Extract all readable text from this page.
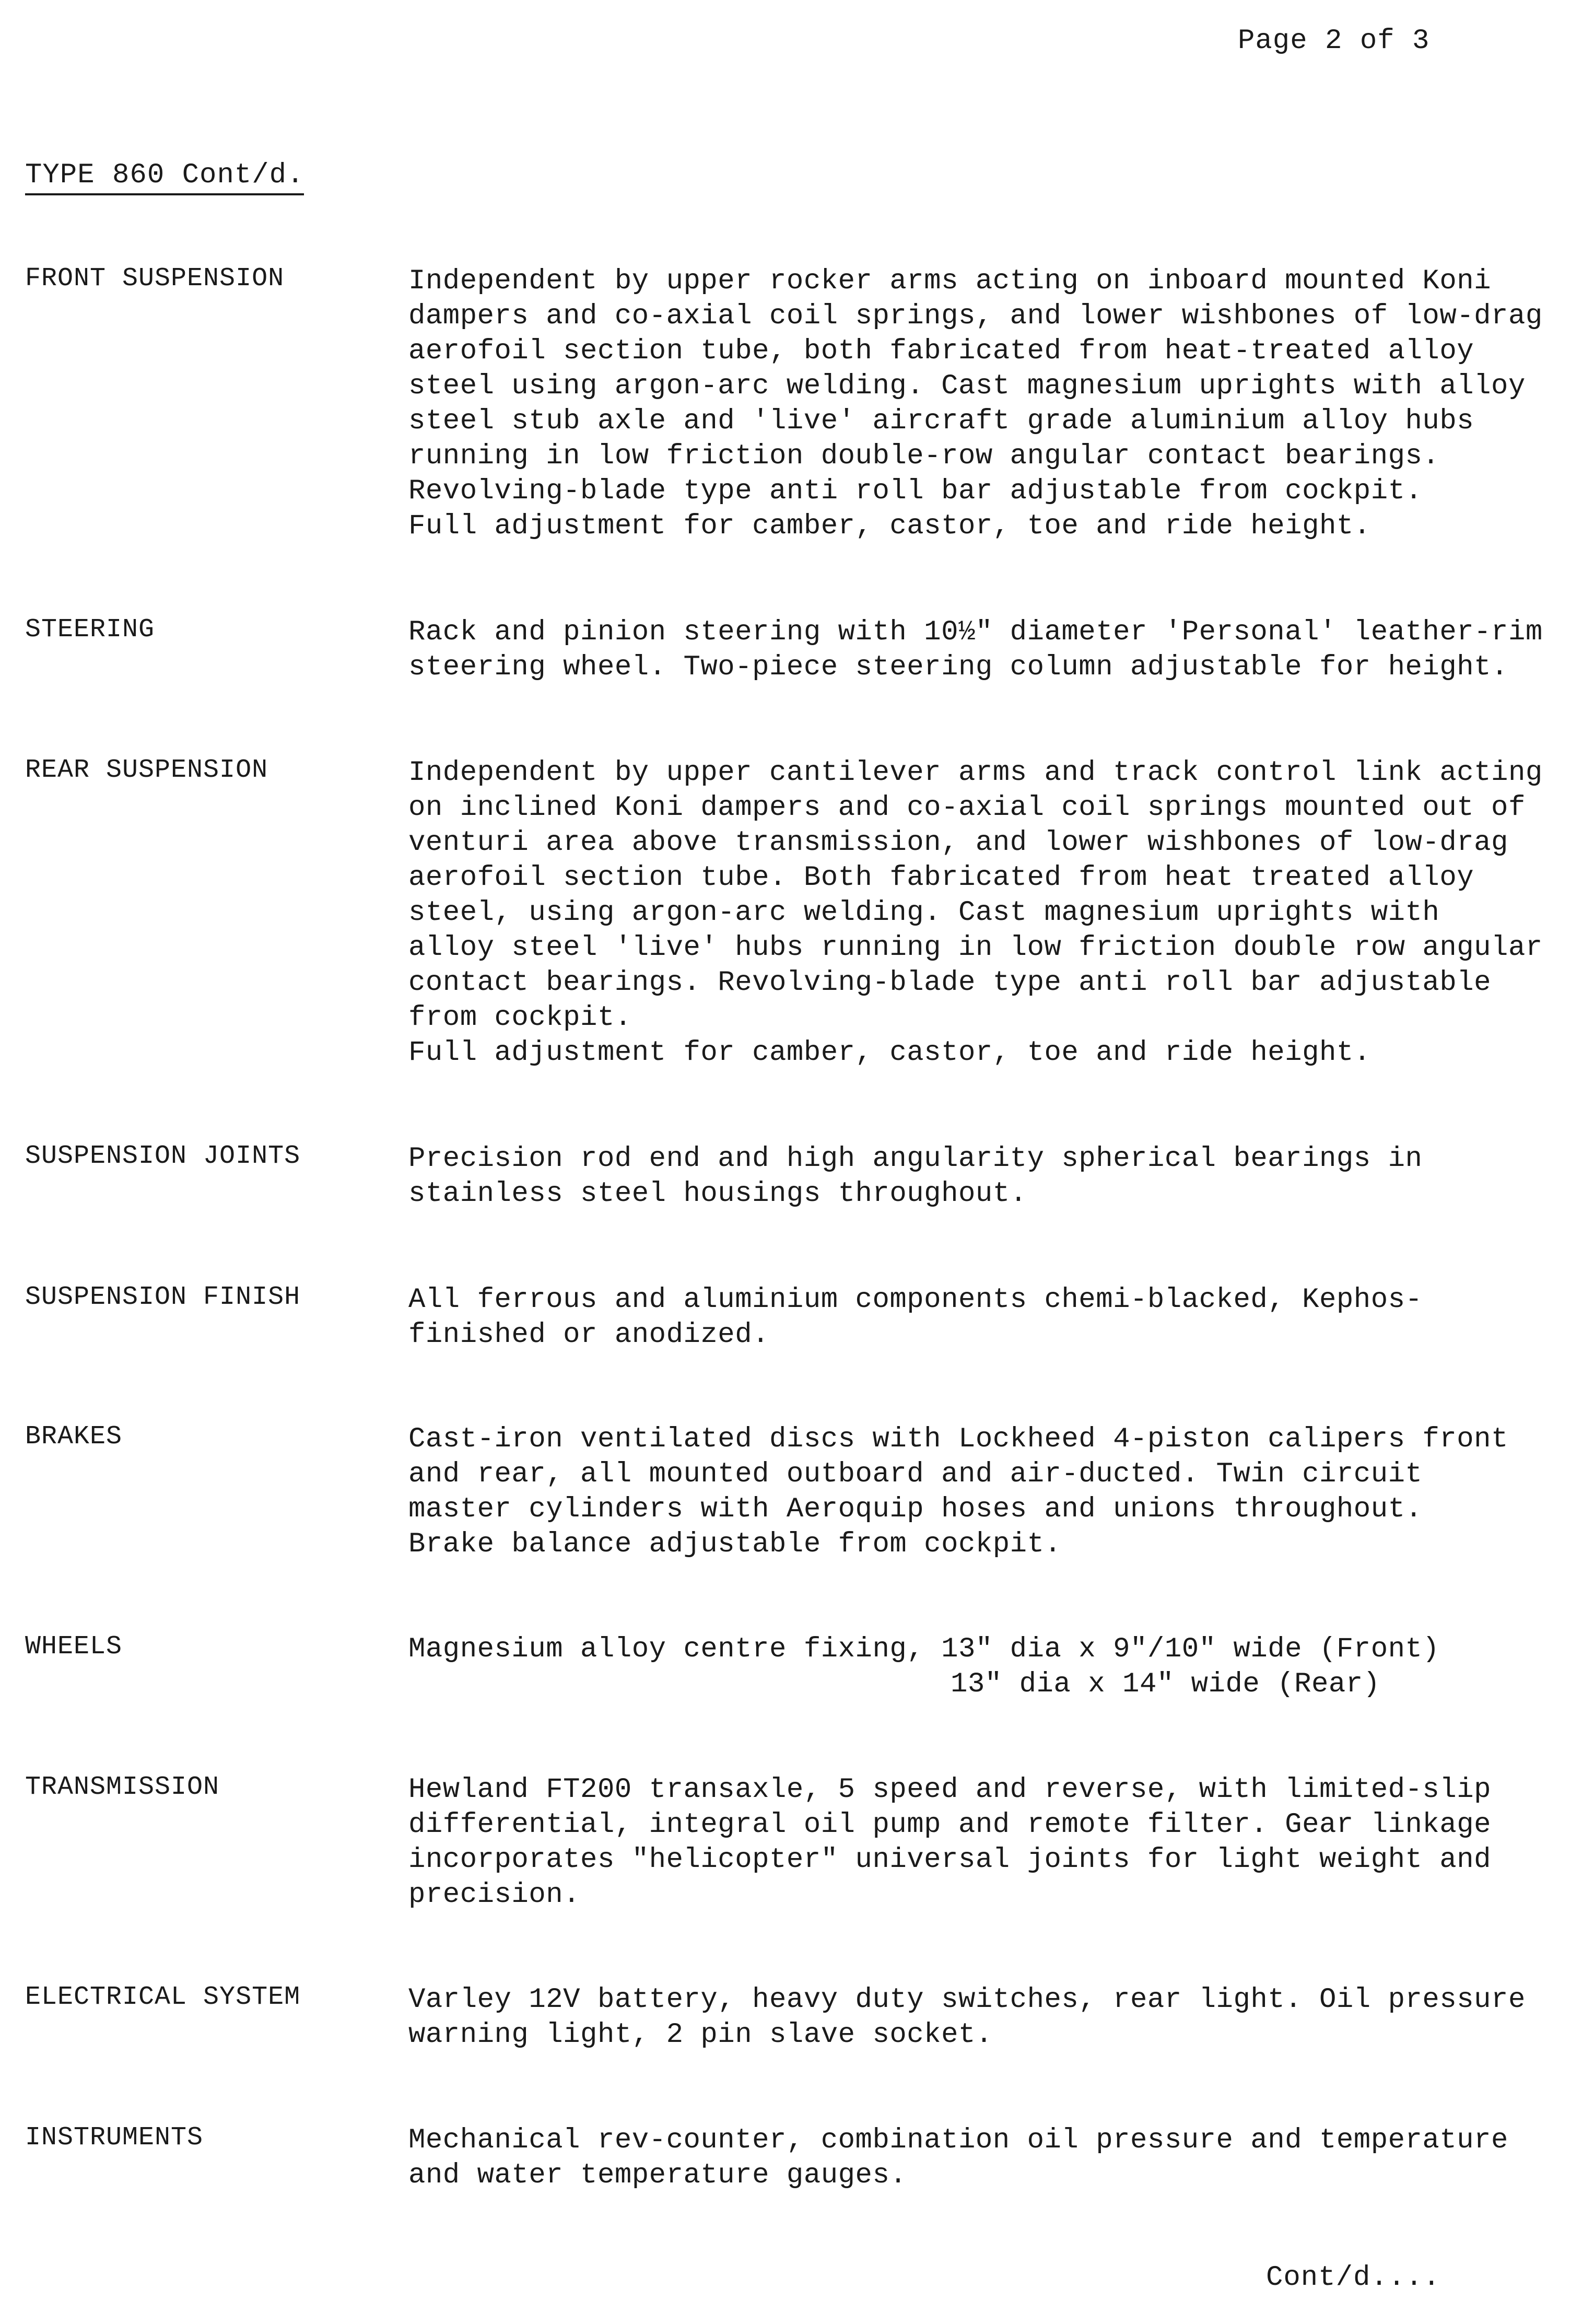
Page 2 of 3
TYPE 860 Cont/d.
FRONT SUSPENSION	Independent by upper rocker arms acting on inboard mounted Koni
dampers and co-axial coil springs, and lower wishbones of low-drag
aerofoil section tube, both fabricated from heat-treated alloy
steel using argon-arc welding. Cast magnesium uprights with alloy
steel stub axle and 'live' aircraft grade aluminium alloy hubs
running in low friction double-row angular contact bearings.
Revolving-blade type anti roll bar adjustable from cockpit.
Full adjustment for camber, castor, toe and ride height.
STEERING	Rack and pinion steering with 10½" diameter 'Personal' leather-rim
steering wheel. Two-piece steering column adjustable for height.
REAR SUSPENSION	Independent by upper cantilever arms and track control link acting
on inclined Koni dampers and co-axial coil springs mounted out of
venturi area above transmission, and lower wishbones of low-drag
aerofoil section tube. Both fabricated from heat treated alloy
steel, using argon-arc welding. Cast magnesium uprights with
alloy steel 'live' hubs running in low friction double row angular
contact bearings. Revolving-blade type anti roll bar adjustable
from cockpit.
Full adjustment for camber, castor, toe and ride height.
SUSPENSION JOINTS	Precision rod end and high angularity spherical bearings in
stainless steel housings throughout.
SUSPENSION FINISH	All ferrous and aluminium components chemi-blacked, Kephos-
finished or anodized.
BRAKES	Cast-iron ventilated discs with Lockheed 4-piston calipers front
and rear, all mounted outboard and air-ducted. Twin circuit
master cylinders with Aeroquip hoses and unions throughout.
Brake balance adjustable from cockpit.
WHEELS	Magnesium alloy centre fixing, 13" dia x 9"/10" wide (Front)
13" dia x 14" wide (Rear)
TRANSMISSION	Hewland FT200 transaxle, 5 speed and reverse, with limited-slip
differential, integral oil pump and remote filter. Gear linkage
incorporates "helicopter" universal joints for light weight and
precision.
ELECTRICAL SYSTEM	Varley 12V battery, heavy duty switches, rear light. Oil pressure
warning light, 2 pin slave socket.
INSTRUMENTS	Mechanical rev-counter, combination oil pressure and temperature
and water temperature gauges.
Cont/d....
